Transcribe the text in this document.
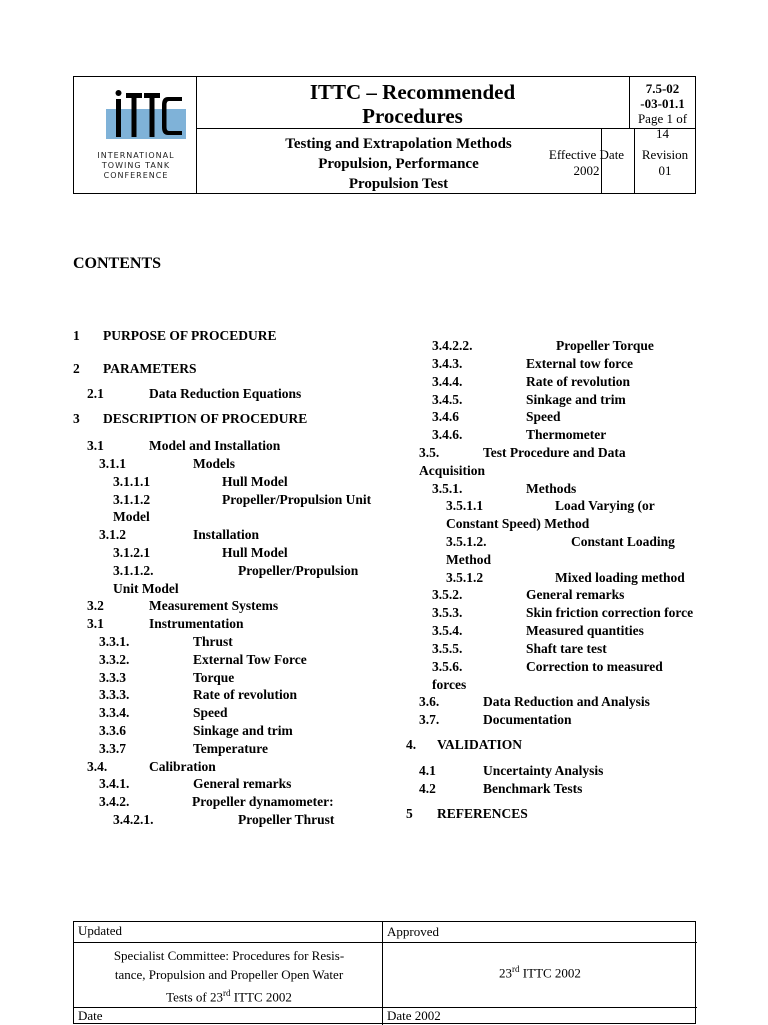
INTERNATIONAL
TOWING TANK
CONFERENCE
ITTC – Recommended
Procedures
7.5-02
-03-01.1
Page 1 of 14
Testing and Extrapolation Methods
Propulsion, Performance
Propulsion Test
Effective Date
2002
Revision
01
CONTENTS
1 PURPOSE OF PROCEDURE
2 PARAMETERS
2.1	Data Reduction Equations
3 DESCRIPTION OF PROCEDURE
3.1	Model and Installation
3.1.1	Models
3.1.1.1	Hull Model
3.1.1.2	Propeller/Propulsion Unit
Model
3.1.2	Installation
3.1.2.1	Hull Model
3.1.1.2.	Propeller/Propulsion
Unit Model
3.2	Measurement Systems
3.1	Instrumentation
3.3.1.	Thrust
3.3.2.	External Tow Force
3.3.3	Torque
3.3.3.	Rate of revolution
3.3.4.	Speed
3.3.6	Sinkage and trim
3.3.7	Temperature
3.4.	Calibration
3.4.1.	General remarks
3.4.2.	Propeller dynamometer:
3.4.2.1.	Propeller Thrust
3.4.2.2.	Propeller Torque
3.4.3.	External tow force
3.4.4.	Rate of revolution
3.4.5.	Sinkage and trim
3.4.6	Speed
3.4.6.	Thermometer
3.5.	Test Procedure and Data
Acquisition
3.5.1.	Methods
3.5.1.1	Load Varying (or
Constant Speed) Method
3.5.1.2.	Constant Loading
Method
3.5.1.2	Mixed loading method
3.5.2.	General remarks
3.5.3.	Skin friction correction force
3.5.4.	Measured quantities
3.5.5.	Shaft tare test
3.5.6.	Correction to measured
forces
3.6.	Data Reduction and Analysis
3.7.	Documentation
4. VALIDATION
4.1	Uncertainty Analysis
4.2	Benchmark Tests
5 REFERENCES
Updated	Approved
Specialist Committee: Procedures for Resis-
tance, Propulsion and Propeller Open Water
Tests of 23rd ITTC 2002
23rd ITTC 2002
Date	Date 2002
